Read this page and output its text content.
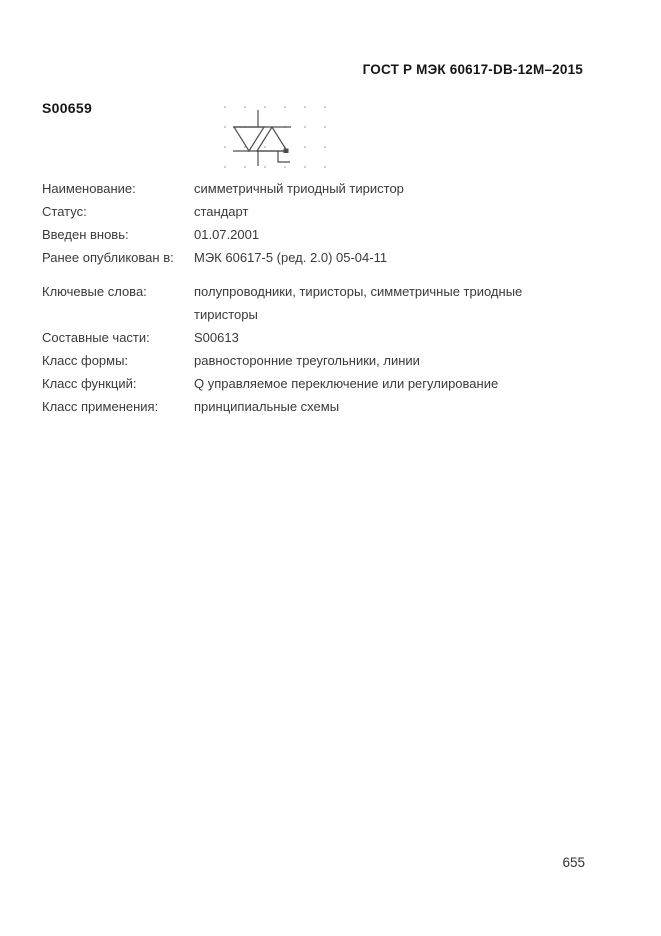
ГОСТ Р МЭК 60617-DB-12M–2015
S00659
Наименование:	симметричный триодный тиристор
Статус:	стандарт
Введен вновь:	01.07.2001
Ранее опубликован в:	МЭК 60617-5 (ред. 2.0) 05-04-11
Ключевые слова:	полупроводники, тиристоры, симметричные триодные тиристоры
Составные части:	S00613
Класс формы:	равносторонние треугольники, линии
Класс функций:	Q управляемое переключение или регулирование
Класс применения:	принципиальные схемы
655
